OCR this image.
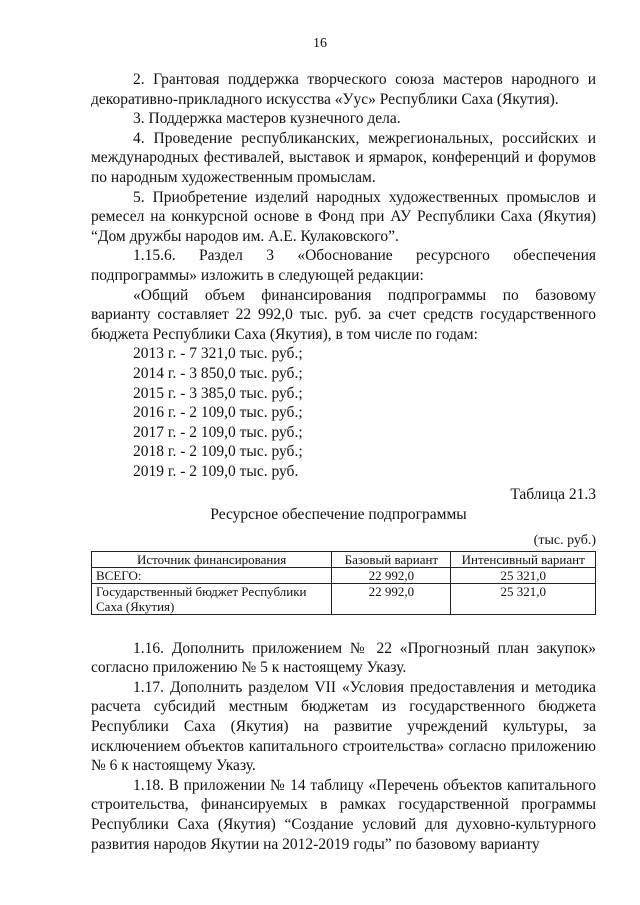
16

2. Грантовая поддержка творческого союза мастеров народного и декоративно-прикладного искусства «Уус» Республики Саха (Якутия).

3. Поддержка мастеров кузнечного дела.

4. Проведение республиканских, межрегиональных, российских и международных фестивалей, выставок и ярмарок, конференций и форумов по народным художественным промыслам.

5. Приобретение изделий народных художественных промыслов и ремесел на конкурсной основе в Фонд при АУ Республики Саха (Якутия) “Дом дружбы народов им. А.Е. Кулаковского”.

1.15.6. Раздел 3 «Обоснование ресурсного обеспечения подпрограммы» изложить в следующей редакции:

«Общий объем финансирования подпрограммы по базовому варианту составляет 22 992,0 тыс. руб. за счет средств государственного бюджета Республики Саха (Якутия), в том числе по годам:

2013 г. - 7 321,0 тыс. руб.;

2014 г. - 3 850,0 тыс. руб.;

2015 г. - 3 385,0 тыс. руб.;

2016 г. - 2 109,0 тыс. руб.;

2017 г. - 2 109,0 тыс. руб.;

2018 г. - 2 109,0 тыс. руб.;

2019 г. - 2 109,0 тыс. руб.

Таблица 21.3

Ресурсное обеспечение подпрограммы

(тыс. руб.)

Источник финансирования	Базовый вариант	Интенсивный вариант
ВСЕГО:	22 992,0	25 321,0
Государственный бюджет Республики Саха (Якутия)	22 992,0	25 321,0

1.16. Дополнить приложением № 22 «Прогнозный план закупок» согласно приложению № 5 к настоящему Указу.

1.17. Дополнить разделом VII «Условия предоставления и методика расчета субсидий местным бюджетам из государственного бюджета Республики Саха (Якутия) на развитие учреждений культуры, за исключением объектов капитального строительства» согласно приложению № 6 к настоящему Указу.

1.18. В приложении № 14 таблицу «Перечень объектов капитального строительства, финансируемых в рамках государственной программы Республики Саха (Якутия) “Создание условий для духовно-культурного развития народов Якутии на 2012-2019 годы” по базовому варианту
